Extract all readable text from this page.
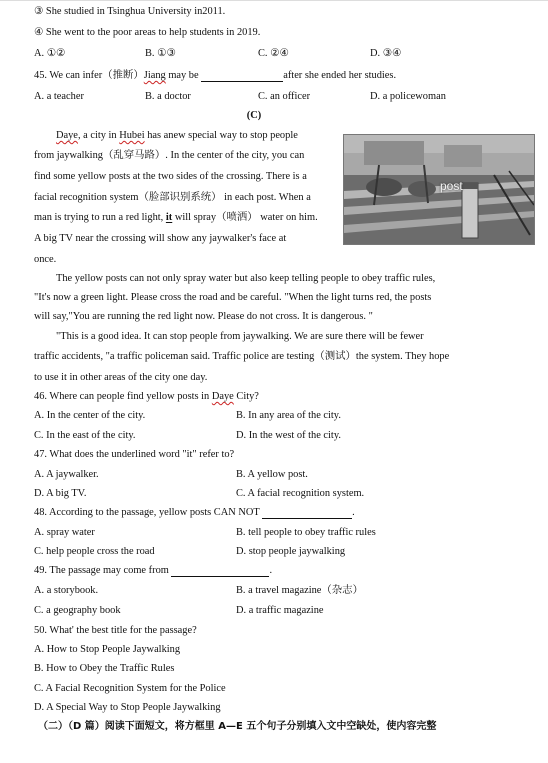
③ She studied in Tsinghua University in2011.
④ She went to the poor areas to help students in 2019.
A. ①②	B. ①③	C. ②④	D. ③④
45. We can infer（推断）Jiang may be	after she ended her studies.
A. a teacher	B. a doctor	C. an officer	D. a policewoman
(C)
Daye, a city in Hubei has anew special way to stop people
from jaywalking（乱穿马路）. In the center of the city, you can
find some yellow posts at the two sides of the crossing. There is a
facial recognition system（脸部识别系统） in each post. When a
man is trying to run a red light, it will spray（喷洒） water on him.
A big TV near the crossing will show any jaywalker's face at
once.
The yellow posts can not only spray water but also keep telling people to obey traffic rules,
"It's now a green light. Please cross the road and be careful. "When the light turns red, the posts
will say,"You are running the red light now. Please do not cross. It is dangerous. "
"This is a good idea. It can stop people from jaywalking. We are sure there will be fewer
traffic accidents, "a traffic policeman said. Traffic police are testing（测试）the system. They hope
to use it in other areas of the city one day.
46. Where can people find yellow posts in Daye City?
A. In the center of the city.	B. In any area of the city.
C. In the east of the city.	D. In the west of the city.
47. What does the underlined word "it" refer to?
A. A jaywalker.	B. A yellow post.
D. A big TV.	C. A facial recognition system.
48. According to the passage, yellow posts CAN NOT	.
A. spray water	B. tell people to obey traffic rules
C. help people cross the road	D. stop people jaywalking
49. The passage may come from	.
A. a storybook.	B. a travel magazine（杂志）
C. a geography book	D. a traffic magazine
50. What' the best title for the passage?
A. How to Stop People Jaywalking
B. How to Obey the Traffic Rules
C. A Facial Recognition System for the Police
D. A Special Way to Stop People Jaywalking
post
（二）（D 篇）阅读下面短文，将方框里 A—E 五个句子分别填入文中空缺处，使内容完整
